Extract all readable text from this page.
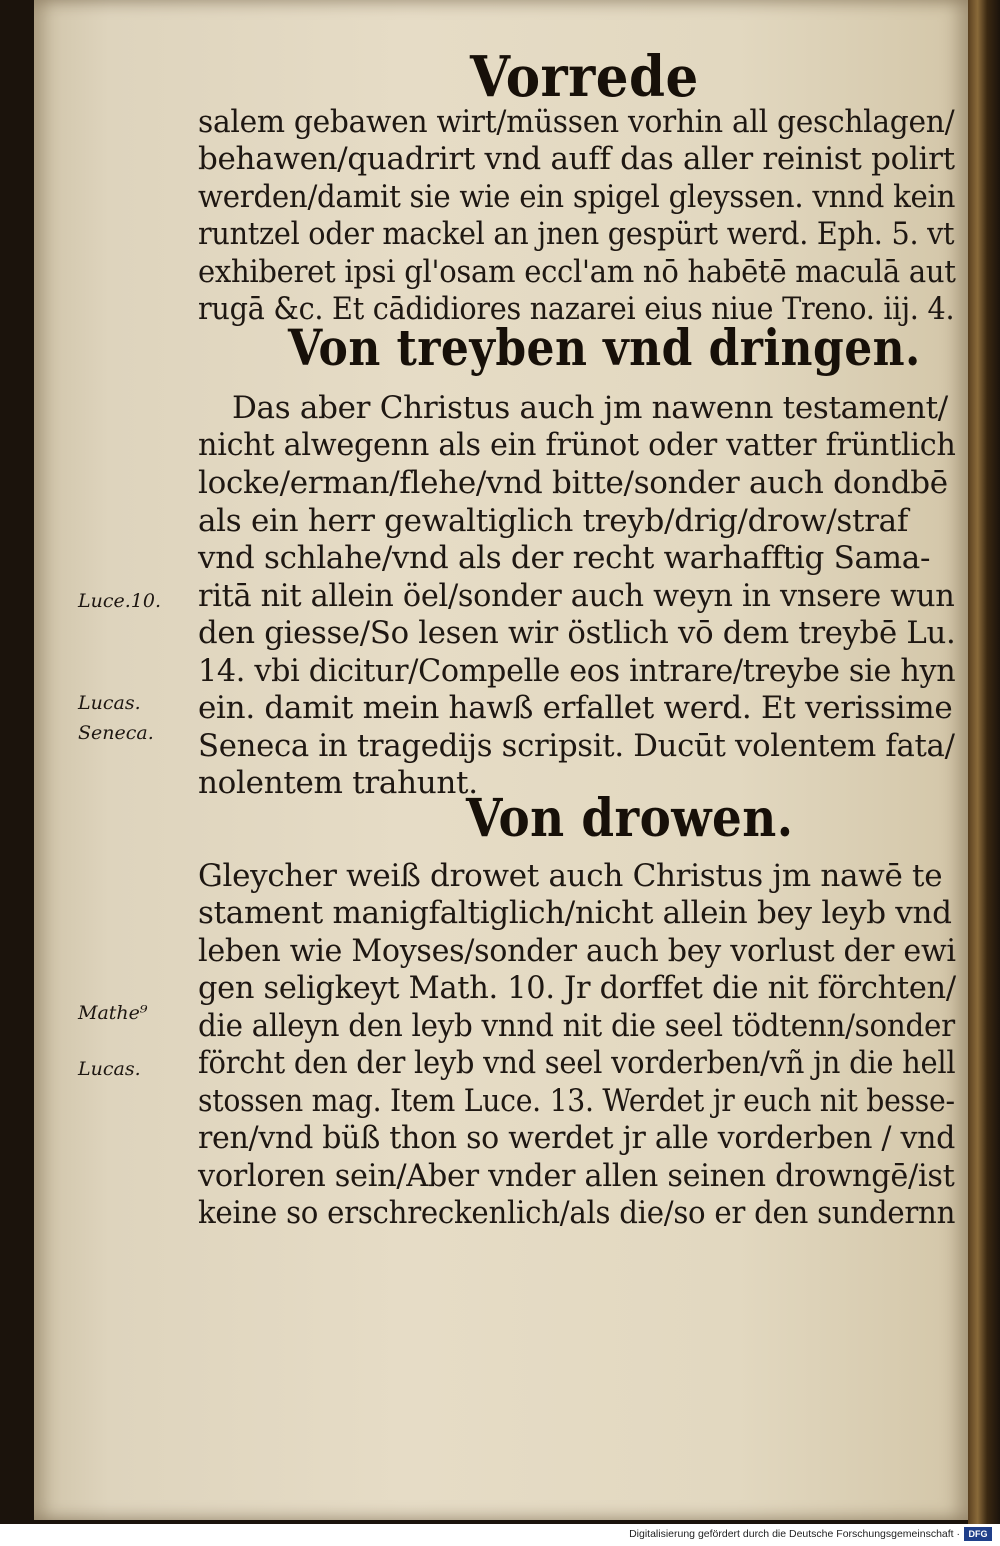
Vorrede
salem gebawen wirt/müssen vorhin all geschlagen/
behawen/quadrirt vnd auff das aller reinist polirt
werden/damit sie wie ein spigel gleyssen. vnnd kein
runtzel oder mackel an jnen gespürt werd. Eph. 5. vt
exhiberet ipsi gl'osam eccl'am nō habētē maculā aut
rugā &c. Et cādidiores nazarei eius niue Treno. iij. 4.
Von treyben vnd dringen.
Das aber Christus auch jm nawenn testament/
nicht alwegenn als ein frünot oder vatter früntlich
locke/erman/flehe/vnd bitte/sonder auch dondbē
als ein herr gewaltiglich treyb/drig/drow/straf
vnd schlahe/vnd als der recht warhafftig Sama-
ritā nit allein öel/sonder auch weyn in vnsere wun
den giesse/So lesen wir östlich vō dem treybē Lu.
14. vbi dicitur/Compelle eos intrare/treybe sie hyn
ein. damit mein hawß erfallet werd. Et verissime
Seneca in tragedijs scripsit. Ducūt volentem fata/
nolentem trahunt.
Von drowen.
Gleycher weiß drowet auch Christus jm nawē te
stament manigfaltiglich/nicht allein bey leyb vnd
leben wie Moyses/sonder auch bey vorlust der ewi
gen seligkeyt Math. 10. Jr dorffet die nit förchten/
die alleyn den leyb vnnd nit die seel tödtenn/sonder
förcht den der leyb vnd seel vorderben/vñ jn die hell
stossen mag. Item Luce. 13. Werdet jr euch nit besse-
ren/vnd büß thon so werdet jr alle vorderben / vnd
vorloren sein/Aber vnder allen seinen drowngē/ist
keine so erschreckenlich/als die/so er den sundernn
Luce.10.
Lucas.
Seneca.
Mathe⁹
Lucas.
Digitalisierung gefördert durch die Deutsche Forschungsgemeinschaft · DFG
